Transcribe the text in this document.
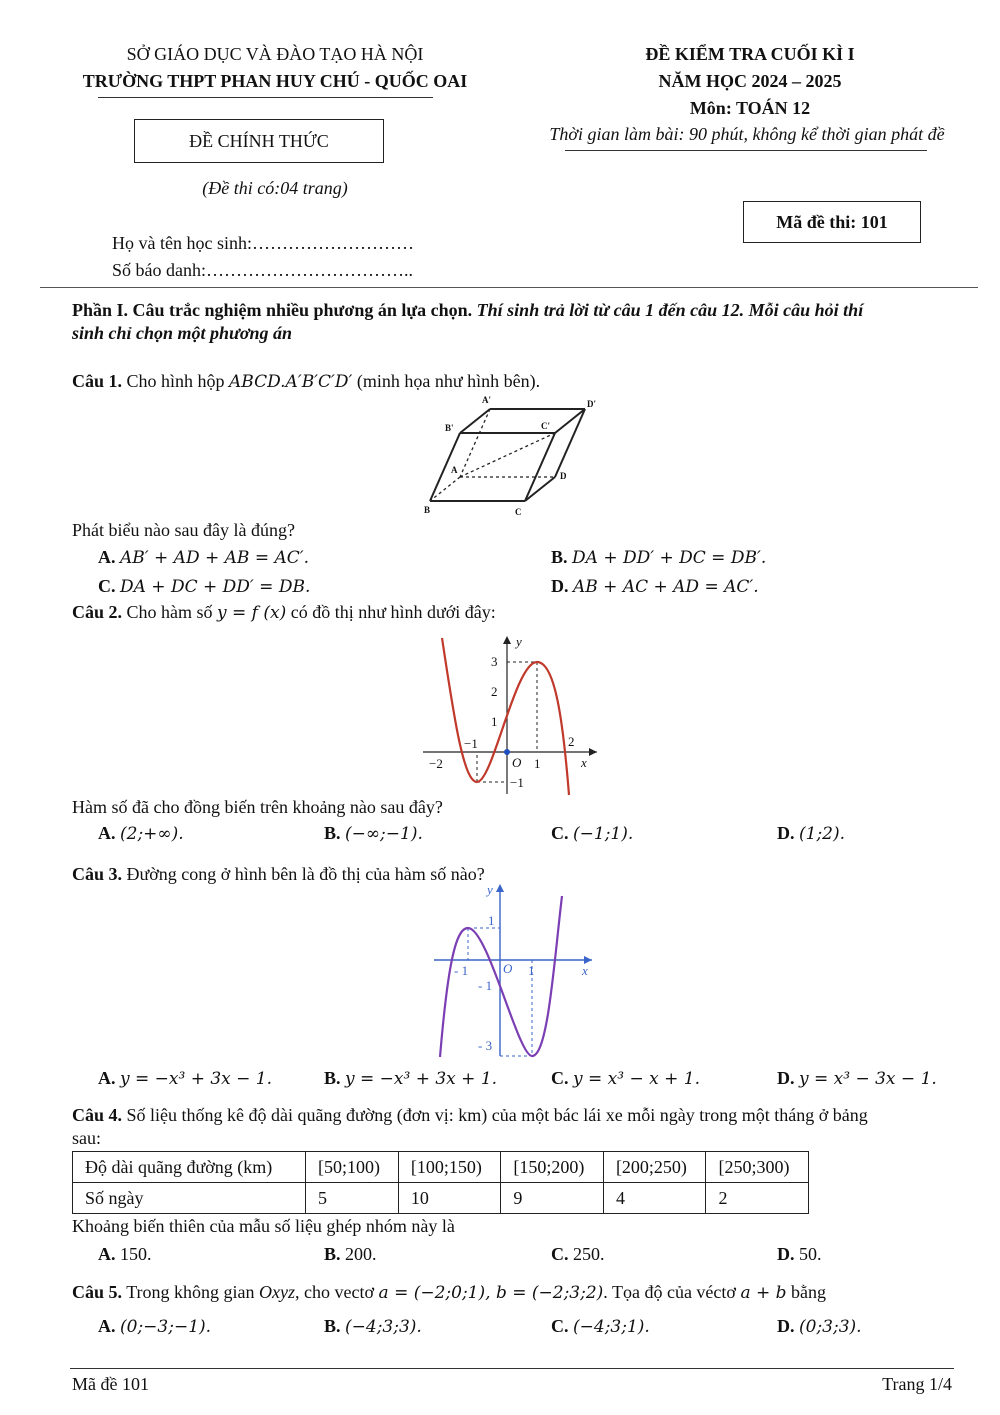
SỞ GIÁO DỤC VÀ ĐÀO TẠO HÀ NỘI
TRƯỜNG THPT PHAN HUY CHÚ - QUỐC OAI
ĐỀ KIỂM TRA CUỐI KÌ I
NĂM HỌC 2024 – 2025
Môn: TOÁN 12
Thời gian làm bài: 90 phút, không kể thời gian phát đề
ĐỀ CHÍNH THỨC
(Đề thi có:04 trang)
Mã đề thi: 101
Họ và tên học sinh:………………………
Số báo danh:……………………………..
Phần I. Câu trắc nghiệm nhiều phương án lựa chọn. Thí sinh trả lời từ câu 1 đến câu 12. Mỗi câu hỏi thí
sinh chỉ chọn một phương án
Câu 1. Cho hình hộp ABCD.A′B′C′D′ (minh họa như hình bên).
A'	D'
B'	C'
A
D
B	C
Phát biểu nào sau đây là đúng?
A. AB′ + AD + AB = AC′.	B. DA + DD′ + DC = DB′.
C. DA + DC + DD′ = DB.	D. AB + AC + AD = AC′.
Câu 2. Cho hàm số y = f (x) có đồ thị như hình dưới đây:
y
x
O
3
2
1
−1
−1
−2	1
2
Hàm số đã cho đồng biến trên khoảng nào sau đây?
A. (2;+∞).	B. (−∞;−1).	C. (−1;1).	D. (1;2).
Câu 3. Đường cong ở hình bên là đồ thị của hàm số nào?
y
x
O
1
- 1
- 3
- 1	1
A. y = −x³ + 3x − 1.	B. y = −x³ + 3x + 1.	C. y = x³ − x + 1.	D. y = x³ − 3x − 1.
Câu 4. Số liệu thống kê độ dài quãng đường (đơn vị: km) của một bác lái xe mỗi ngày trong một tháng ở bảng
sau:
Độ dài quãng đường (km)	[50;100)	[100;150)	[150;200)	[200;250)	[250;300)
Số ngày	5	10	9	4	2
Khoảng biến thiên của mẫu số liệu ghép nhóm này là
A. 150.	B. 200.	C. 250.	D. 50.
Câu 5. Trong không gian Oxyz, cho vectơ a = (−2;0;1), b = (−2;3;2). Tọa độ của véctơ a + b bằng
A. (0;−3;−1).	B. (−4;3;3).	C. (−4;3;1).	D. (0;3;3).
Mã đề 101	Trang 1/4
